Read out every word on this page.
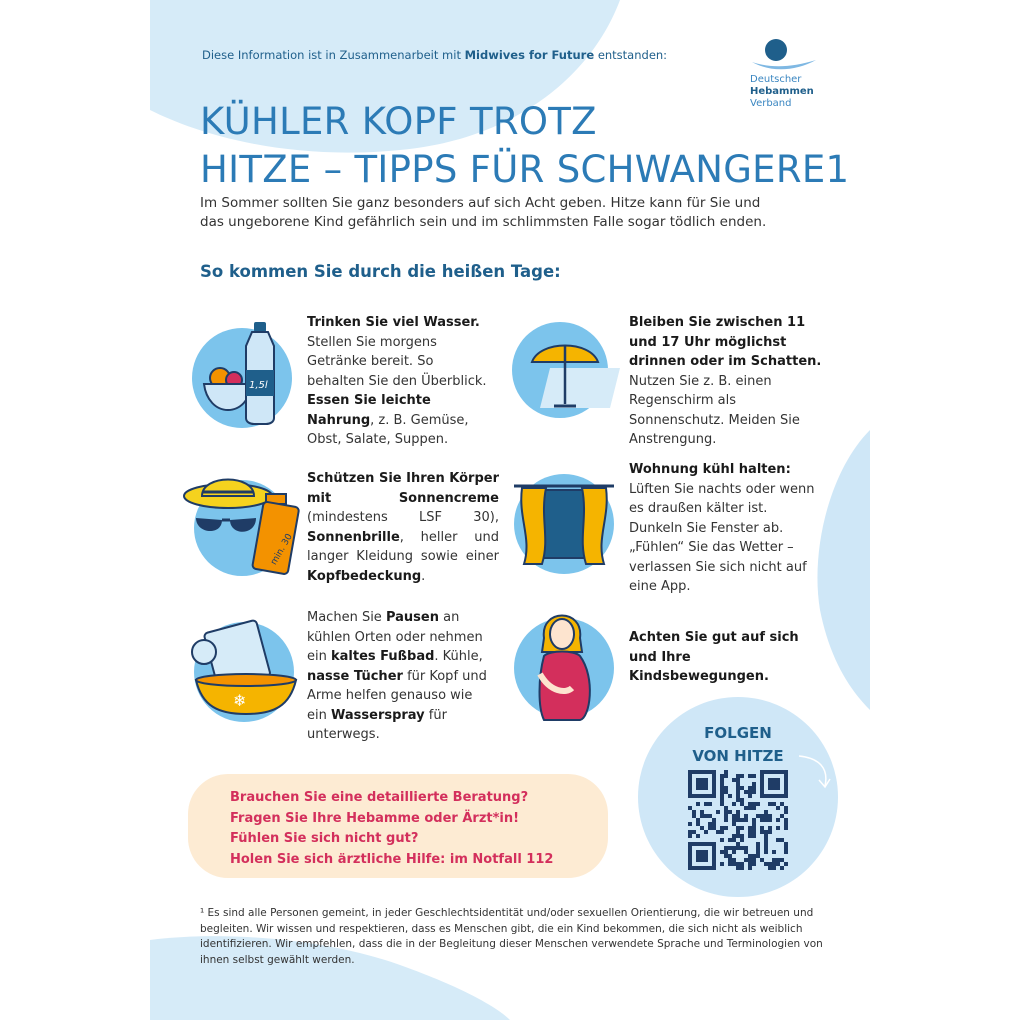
Diese Information ist in Zusammenarbeit mit Midwives for Future entstanden:
Deutscher
Hebammen
Verband
KÜHLER KOPF TROTZ
HITZE – TIPPS FÜR SCHWANGERE1
Im Sommer sollten Sie ganz besonders auf sich Acht geben. Hitze kann für Sie und das ungeborene Kind gefährlich sein und im schlimmsten Falle sogar tödlich enden.
So kommen Sie durch die heißen Tage:
1,5l
Trinken Sie viel Wasser. Stellen Sie morgens Getränke bereit. So behalten Sie den Überblick. Essen Sie leichte Nahrung, z. B. Gemüse, Obst, Salate, Suppen.
Bleiben Sie zwischen 11 und 17 Uhr möglichst drinnen oder im Schatten. Nutzen Sie z. B. einen Regenschirm als Sonnenschutz. Meiden Sie Anstrengung.
min. 30
Schützen Sie Ihren Körper mit Sonnencreme (mindestens LSF 30), Sonnenbrille, heller und langer Kleidung sowie einer Kopfbedeckung.
Wohnung kühl halten:
Lüften Sie nachts oder wenn es draußen kälter ist. Dunkeln Sie Fenster ab. „Fühlen“ Sie das Wetter – verlassen Sie sich nicht auf eine App.
❄
Machen Sie Pausen an kühlen Orten oder nehmen ein kaltes Fußbad. Kühle, nasse Tücher für Kopf und Arme helfen genauso wie ein Wasserspray für unterwegs.
Achten Sie gut auf sich und Ihre Kindsbewegungen.
Brauchen Sie eine detaillierte Beratung?
Fragen Sie Ihre Hebamme oder Ärzt*in!
Fühlen Sie sich nicht gut?
Holen Sie sich ärztliche Hilfe: im Notfall 112
FOLGEN
VON HITZE
¹ Es sind alle Personen gemeint, in jeder Geschlechtsidentität und/oder sexuellen Orientierung, die wir betreuen und begleiten. Wir wissen und respektieren, dass es Menschen gibt, die ein Kind bekommen, die sich nicht als weiblich identifizieren. Wir empfehlen, dass die in der Begleitung dieser Menschen verwendete Sprache und Terminologien von ihnen selbst gewählt werden.
